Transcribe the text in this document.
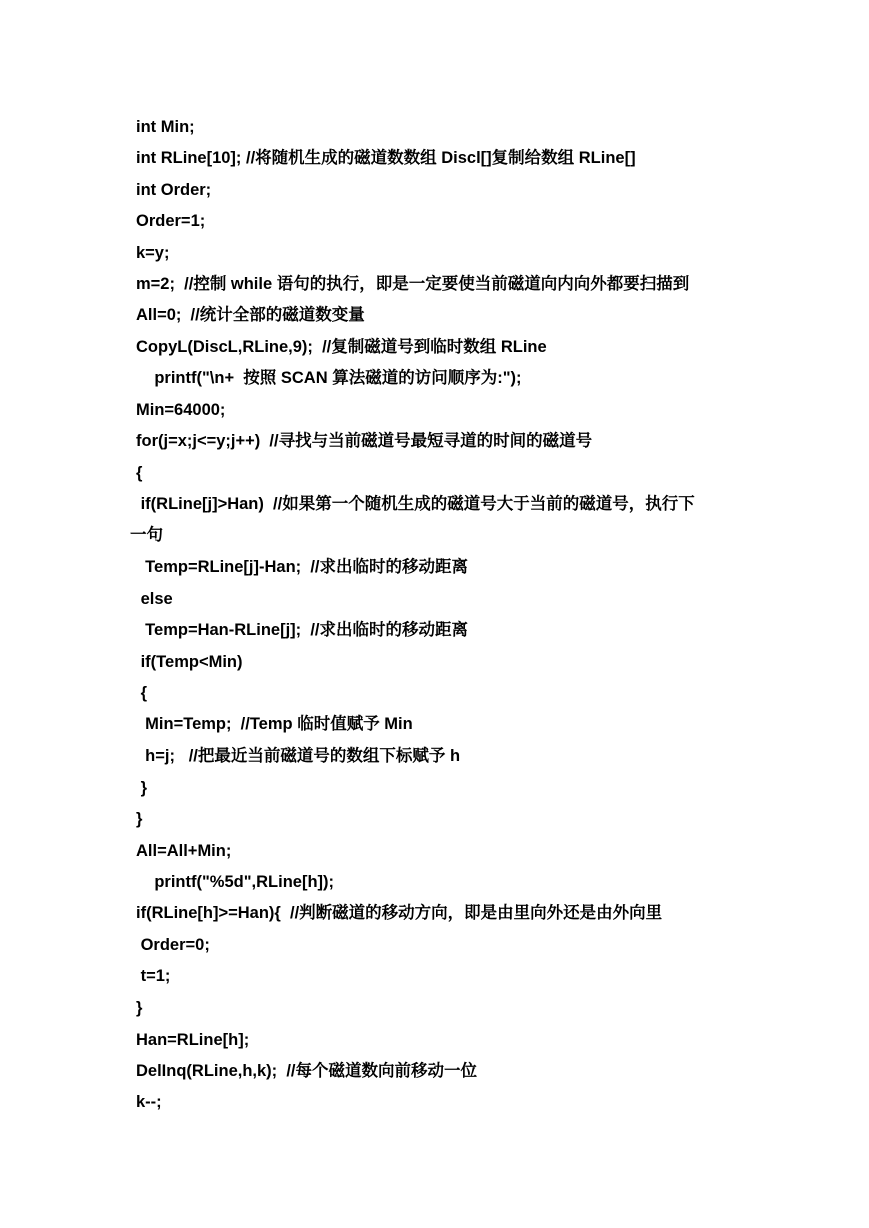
int Min;
int RLine[10]; //将随机生成的磁道数数组 Discl[]复制给数组 RLine[]
int Order;
Order=1;
k=y;
m=2;  //控制 while 语句的执行，即是一定要使当前磁道向内向外都要扫描到
All=0;  //统计全部的磁道数变量
CopyL(DiscL,RLine,9);  //复制磁道号到临时数组 RLine
printf("\n+  按照 SCAN 算法磁道的访问顺序为:");
Min=64000;
for(j=x;j<=y;j++)  //寻找与当前磁道号最短寻道的时间的磁道号
{
if(RLine[j]>Han)  //如果第一个随机生成的磁道号大于当前的磁道号，执行下
一句
Temp=RLine[j]-Han;  //求出临时的移动距离
else
Temp=Han-RLine[j];  //求出临时的移动距离
if(Temp<Min)
{
Min=Temp;  //Temp 临时值赋予 Min
h=j;   //把最近当前磁道号的数组下标赋予 h
}
}
All=All+Min;
printf("%5d",RLine[h]);
if(RLine[h]>=Han){  //判断磁道的移动方向，即是由里向外还是由外向里
Order=0;
t=1;
}
Han=RLine[h];
DelInq(RLine,h,k);  //每个磁道数向前移动一位
k--;
